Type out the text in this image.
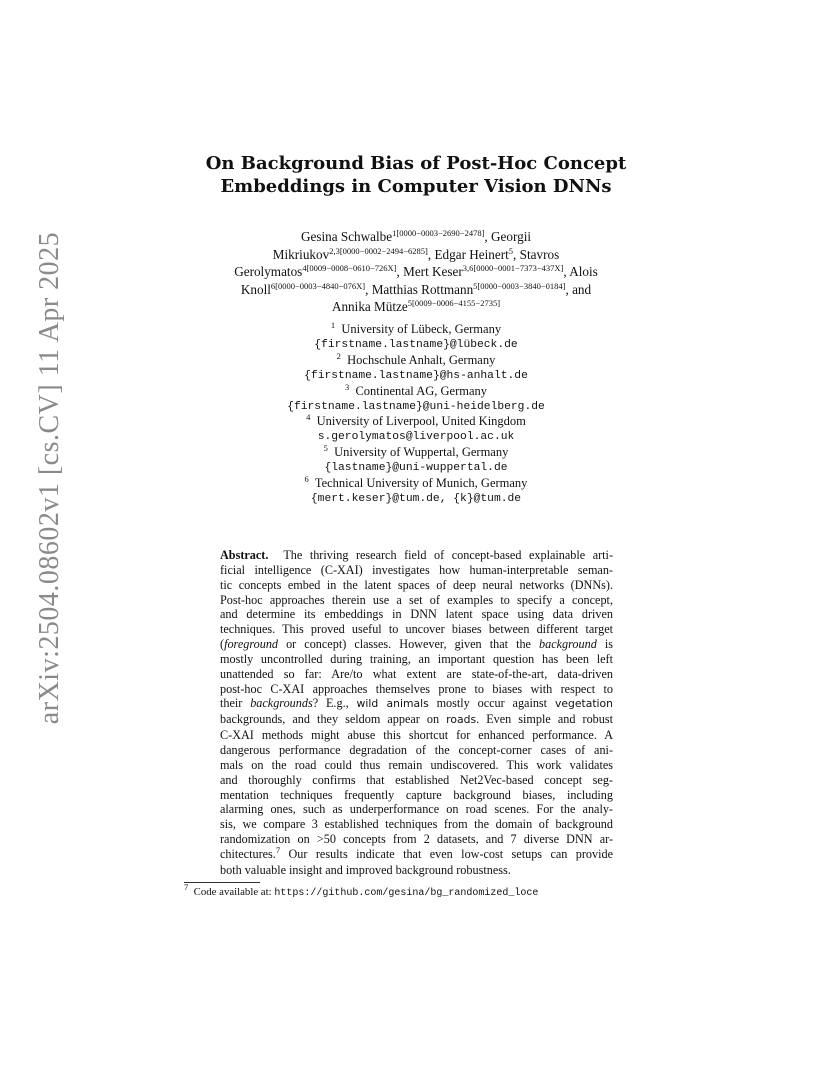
arXiv:2504.08602v1 [cs.CV] 11 Apr 2025
On Background Bias of Post-Hoc Concept
Embeddings in Computer Vision DNNs
Gesina Schwalbe$^{1[0000-0003-2690-2478]}$, Georgii
Mikriukov$^{2,3[0000-0002-2494-6285]}$, Edgar Heinert$^5$, Stavros
Gerolymatos$^{4[0009-0008-0610-726X]}$, Mert Keser$^{3,6[0000-0001-7373-437X]}$, Alois
Knoll$^{6[0000-0003-4840-076X]}$, Matthias Rottmann$^{5[0000-0003-3840-0184]}$, and
Annika Mütze$^{5[0009-0006-4155-2735]}$
$^1$ University of Lübeck, Germany
{firstname.lastname}@lübeck.de
$^2$ Hochschule Anhalt, Germany
{firstname.lastname}@hs-anhalt.de
$^3$ Continental AG, Germany
{firstname.lastname}@uni-heidelberg.de
$^4$ University of Liverpool, United Kingdom
s.gerolymatos@liverpool.ac.uk
$^5$ University of Wuppertal, Germany
{lastname}@uni-wuppertal.de
$^6$ Technical University of Munich, Germany
{mert.keser}@tum.de, {k}@tum.de
Abstract. The thriving research field of concept-based explainable arti-
ficial intelligence (C-XAI) investigates how human-interpretable seman-
tic concepts embed in the latent spaces of deep neural networks (DNNs).
Post-hoc approaches therein use a set of examples to specify a concept,
and determine its embeddings in DNN latent space using data driven
techniques. This proved useful to uncover biases between different target
(foreground or concept) classes. However, given that the background is
mostly uncontrolled during training, an important question has been left
unattended so far: Are/to what extent are state-of-the-art, data-driven
post-hoc C-XAI approaches themselves prone to biases with respect to
their backgrounds? E.g., wild animals mostly occur against vegetation
backgrounds, and they seldom appear on roads. Even simple and robust
C-XAI methods might abuse this shortcut for enhanced performance. A
dangerous performance degradation of the concept-corner cases of ani-
mals on the road could thus remain undiscovered. This work validates
and thoroughly confirms that established Net2Vec-based concept seg-
mentation techniques frequently capture background biases, including
alarming ones, such as underperformance on road scenes. For the analy-
sis, we compare 3 established techniques from the domain of background
randomization on >50 concepts from 2 datasets, and 7 diverse DNN ar-
chitectures.$^7$ Our results indicate that even low-cost setups can provide
both valuable insight and improved background robustness.
$^7$ Code available at: https://github.com/gesina/bg_randomized_loce
